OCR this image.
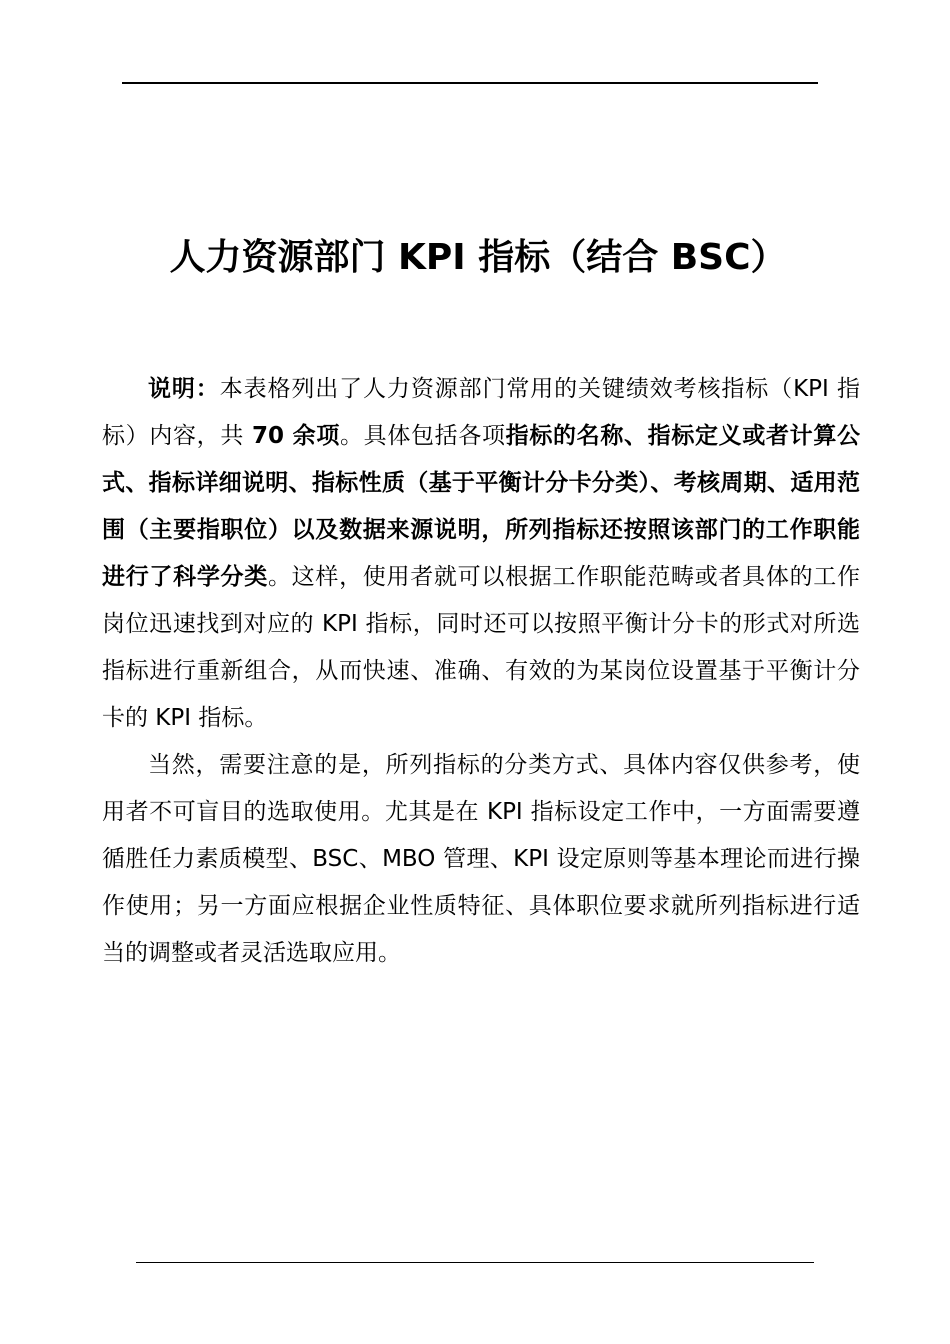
人力资源部门 KPI 指标（结合 BSC）

说明：本表格列出了人力资源部门常用的关键绩效考核指标（KPI 指标）内容，共 70 余项。具体包括各项指标的名称、指标定义或者计算公式、指标详细说明、指标性质（基于平衡计分卡分类）、考核周期、适用范围（主要指职位）以及数据来源说明，所列指标还按照该部门的工作职能进行了科学分类。这样，使用者就可以根据工作职能范畴或者具体的工作岗位迅速找到对应的 KPI 指标，同时还可以按照平衡计分卡的形式对所选指标进行重新组合，从而快速、准确、有效的为某岗位设置基于平衡计分卡的 KPI 指标。

当然，需要注意的是，所列指标的分类方式、具体内容仅供参考，使用者不可盲目的选取使用。尤其是在 KPI 指标设定工作中，一方面需要遵循胜任力素质模型、BSC、MBO 管理、KPI 设定原则等基本理论而进行操作使用；另一方面应根据企业性质特征、具体职位要求就所列指标进行适当的调整或者灵活选取应用。
